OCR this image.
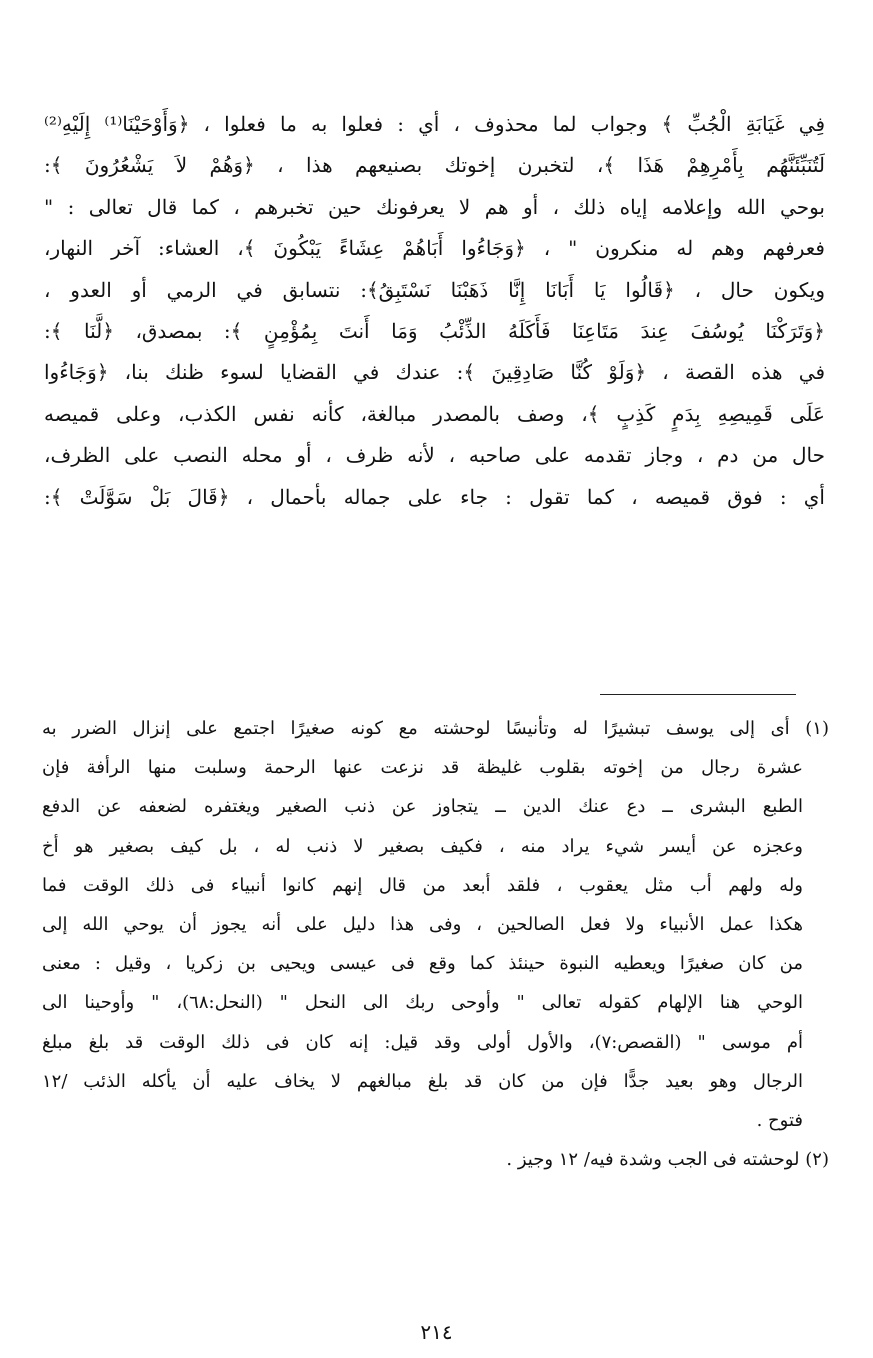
فِي غَيَابَةِ الْجُبِّ ﴾ وجواب لما محذوف ، أي : فعلوا به ما فعلوا ، ﴿وَأَوْحَيْنَا⁽¹⁾ إِلَيْهِ⁽²⁾
لَتُنَبِّئَنَّهُم بِأَمْرِهِمْ هَذَا ﴾، لتخبرن إخوتك بصنيعهم هذا ، ﴿وَهُمْ لاَ يَشْعُرُونَ ﴾:
بوحي الله وإعلامه إياه ذلك ، أو هم لا يعرفونك حين تخبرهم ، كما قال تعالى : "
فعرفهم وهم له منكرون " ، ﴿وَجَاءُوا أَبَاهُمْ عِشَاءً يَبْكُونَ ﴾، العشاء: آخر النهار،
ويكون حال ، ﴿قَالُوا يَا أَبَانَا إِنَّا ذَهَبْنَا نَسْتَبِقُ﴾: نتسابق في الرمي أو العدو ،
﴿وَتَرَكْنَا يُوسُفَ عِندَ مَتَاعِنَا فَأَكَلَهُ الذِّئْبُ وَمَا أَنتَ بِمُؤْمِنٍ ﴾: بمصدق، ﴿لَّنَا ﴾:
في هذه القصة ، ﴿وَلَوْ كُنَّا صَادِقِينَ ﴾: عندك في القضايا لسوء ظنك بنا، ﴿وَجَاءُوا
عَلَى قَمِيصِهِ بِدَمٍ كَذِبٍ ﴾، وصف بالمصدر مبالغة، كأنه نفس الكذب، وعلى قميصه
حال من دم ، وجاز تقدمه على صاحبه ، لأنه ظرف ، أو محله النصب على الظرف،
أي : فوق قميصه ، كما تقول : جاء على جماله بأحمال ، ﴿قَالَ بَلْ سَوَّلَتْ ﴾:
(١) أى إلى يوسف تبشيرًا له وتأنيسًا لوحشته مع كونه صغيرًا اجتمع على إنزال الضرر به
عشرة رجال من إخوته بقلوب غليظة قد نزعت عنها الرحمة وسلبت منها الرأفة فإن
الطبع البشرى ــ دع عنك الدين ــ يتجاوز عن ذنب الصغير ويغتفره لضعفه عن الدفع
وعجزه عن أيسر شيء يراد منه ، فكيف بصغير لا ذنب له ، بل كيف بصغير هو أخ
وله ولهم أب مثل يعقوب ، فلقد أبعد من قال إنهم كانوا أنبياء فى ذلك الوقت فما
هكذا عمل الأنبياء ولا فعل الصالحين ، وفى هذا دليل على أنه يجوز أن يوحي الله إلى
من كان صغيرًا ويعطيه النبوة حينئذ كما وقع فى عيسى ويحيى بن زكريا ، وقيل : معنى
الوحي هنا الإلهام كقوله تعالى " وأوحى ربك الى النحل " (النحل:٦٨)، " وأوحينا الى
أم موسى " (القصص:٧)، والأول أولى وقد قيل: إنه كان فى ذلك الوقت قد بلغ مبلغ
الرجال وهو بعيد جدًّا فإن من كان قد بلغ مبالغهم لا يخاف عليه أن يأكله الذئب /١٢
فتوح .
(٢) لوحشته فى الجب وشدة فيه/ ١٢ وجيز .
٢١٤
